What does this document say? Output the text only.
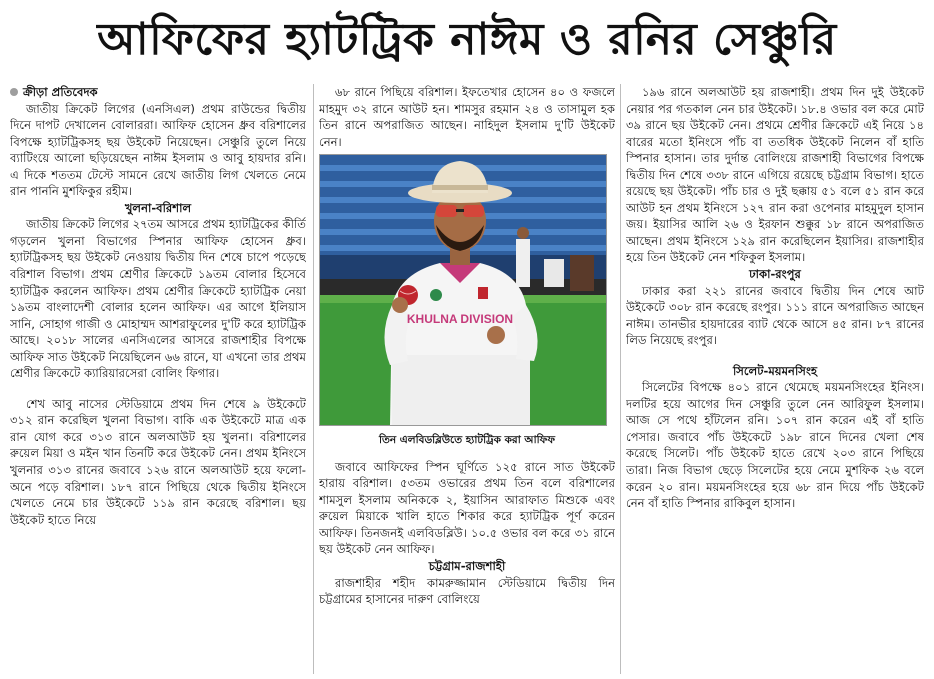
আফিফের হ্যাটট্রিক নাঈম ও রনির সেঞ্চুরি

ক্রীড়া প্রতিবেদক

জাতীয় ক্রিকেট লিগের (এনসিএল) প্রথম রাউন্ডের দ্বিতীয় দিনে দাপট দেখালেন বোলাররা। আফিফ হোসেন ধ্রুব বরিশালের বিপক্ষে হ্যাটট্রিকসহ ছয় উইকেট নিয়েছেন। সেঞ্চুরি তুলে নিয়ে ব্যাটিংয়ে আলো ছড়িয়েছেন নাঈম ইসলাম ও আবু হায়দার রনি। এ দিকে শততম টেস্টে সামনে রেখে জাতীয় লিগ খেলতে নেমে রান পাননি মুশফিকুর রহীম।

খুলনা-বরিশাল

জাতীয় ক্রিকেট লিগের ২৭তম আসরে প্রথম হ্যাটট্রিকের কীর্তি গড়লেন খুলনা বিভাগের স্পিনার আফিফ হোসেন ধ্রুব। হ্যাটট্রিকসহ ছয় উইকেট নেওয়ায় দ্বিতীয় দিন শেষে চাপে পড়েছে বরিশাল বিভাগ। প্রথম শ্রেণীর ক্রিকেটে ১৯তম বোলার হিসেবে হ্যাটট্রিক করলেন আফিফ। প্রথম শ্রেণীর ক্রিকেটে হ্যাটট্রিক নেয়া ১৯তম বাংলাদেশী বোলার হলেন আফিফ। এর আগে ইলিয়াস সানি, সোহাগ গাজী ও মোহাম্মদ আশরাফুলের দু'টি করে হ্যাটট্রিক আছে। ২০১৮ সালের এনসিএলের আসরে রাজশাহীর বিপক্ষে আফিফ সাত উইকেট নিয়েছিলেন ৬৬ রানে, যা এখনো তার প্রথম শ্রেণীর ক্রিকেটে ক্যারিয়ারসেরা বোলিং ফিগার।

শেখ আবু নাসের স্টেডিয়ামে প্রথম দিন শেষে ৯ উইকেটে ৩১২ রান করেছিল খুলনা বিভাগ। বাকি এক উইকেটে মাত্র এক রান যোগ করে ৩১৩ রানে অলআউট হয় খুলনা। বরিশালের রুয়েল মিয়া ও মইন খান তিনটি করে উইকেট নেন। প্রথম ইনিংসে খুলনার ৩১৩ রানের জবাবে ১২৬ রানে অলআউট হয়ে ফলো-অনে পড়ে বরিশাল। ১৮৭ রানে পিছিয়ে থেকে দ্বিতীয় ইনিংসে খেলতে নেমে চার উইকেটে ১১৯ রান করেছে বরিশাল। ছয় উইকেট হাতে নিয়ে

৬৮ রানে পিছিয়ে বরিশাল। ইফতেখার হোসেন ৪০ ও ফজলে মাহমুদ ৩২ রানে আউট হন। শামসুর রহমান ২৪ ও তাসামুল হক তিন রানে অপরাজিত আছেন। নাহিদুল ইসলাম দু'টি উইকেট নেন।

KHULNA DIVISION

তিন এলবিডব্লিউতে হ্যাটট্রিক করা আফিফ

জবাবে আফিফের স্পিন ঘূর্ণিতে ১২৫ রানে সাত উইকেট হারায় বরিশাল। ৫৩তম ওভারের প্রথম তিন বলে বরিশালের শামসুল ইসলাম অনিককে ২, ইয়াসিন আরাফাত মিশুকে এবং রুয়েল মিয়াকে খালি হাতে শিকার করে হ্যাটট্রিক পূর্ণ করেন আফিফ। তিনজনই এলবিডব্লিউ। ১০.৫ ওভার বল করে ৩১ রানে ছয় উইকেট নেন আফিফ।

চট্টগ্রাম-রাজশাহী

রাজশাহীর শহীদ কামরুজ্জামান স্টেডিয়ামে দ্বিতীয় দিন চট্টগ্রামের হাসানের দারুণ বোলিংয়ে

১৯৬ রানে অলআউট হয় রাজশাহী। প্রথম দিন দুই উইকেট নেয়ার পর গতকাল নেন চার উইকেট। ১৮.৪ ওভার বল করে মোট ৩৯ রানে ছয় উইকেট নেন। প্রথমে শ্রেণীর ক্রিকেটে এই নিয়ে ১৪ বারের মতো ইনিংসে পাঁচ বা ততধিক উইকেট নিলেন বাঁ হাতি স্পিনার হাসান। তার দুর্দান্ত বোলিংয়ে রাজশাহী বিভাগের বিপক্ষে দ্বিতীয় দিন শেষে ৩৩৮ রানে এগিয়ে রয়েছে চট্টগ্রাম বিভাগ। হাতে রয়েছে ছয় উইকেট। পাঁচ চার ও দুই ছক্কায় ৫১ বলে ৫১ রান করে আউট হন প্রথম ইনিংসে ১২৭ রান করা ওপেনার মাহমুদুল হাসান জয়। ইয়াসির আলি ২৬ ও ইরফান শুক্কুর ১৮ রানে অপরাজিত আছেন। প্রথম ইনিংসে ১২৯ রান করেছিলেন ইয়াসির। রাজশাহীর হয়ে তিন উইকেট নেন শফিকুল ইসলাম।

ঢাকা-রংপুর

ঢাকার করা ২২১ রানের জবাবে দ্বিতীয় দিন শেষে আট উইকেটে ৩০৮ রান করেছে রংপুর। ১১১ রানে অপরাজিত আছেন নাঈম। তানভীর হায়দারের ব্যাট থেকে আসে ৪৫ রান। ৮৭ রানের লিড নিয়েছে রংপুর।

সিলেট-ময়মনসিংহ

সিলেটের বিপক্ষে ৪০১ রানে থেমেছে ময়মনসিংহের ইনিংস। দলটির হয়ে আগের দিন সেঞ্চুরি তুলে নেন আরিফুল ইসলাম। আজ সে পথে হাঁটলেন রনি। ১০৭ রান করেন এই বাঁ হাতি পেসার। জবাবে পাঁচ উইকেটে ১৯৮ রানে দিনের খেলা শেষ করেছে সিলেট। পাঁচ উইকেট হাতে রেখে ২০৩ রানে পিছিয়ে তারা। নিজ বিভাগ ছেড়ে সিলেটের হয়ে নেমে মুশফিক ২৬ বলে করেন ২০ রান। ময়মনসিংহের হয়ে ৬৮ রান দিয়ে পাঁচ উইকেট নেন বাঁ হাতি স্পিনার রাকিবুল হাসান।
